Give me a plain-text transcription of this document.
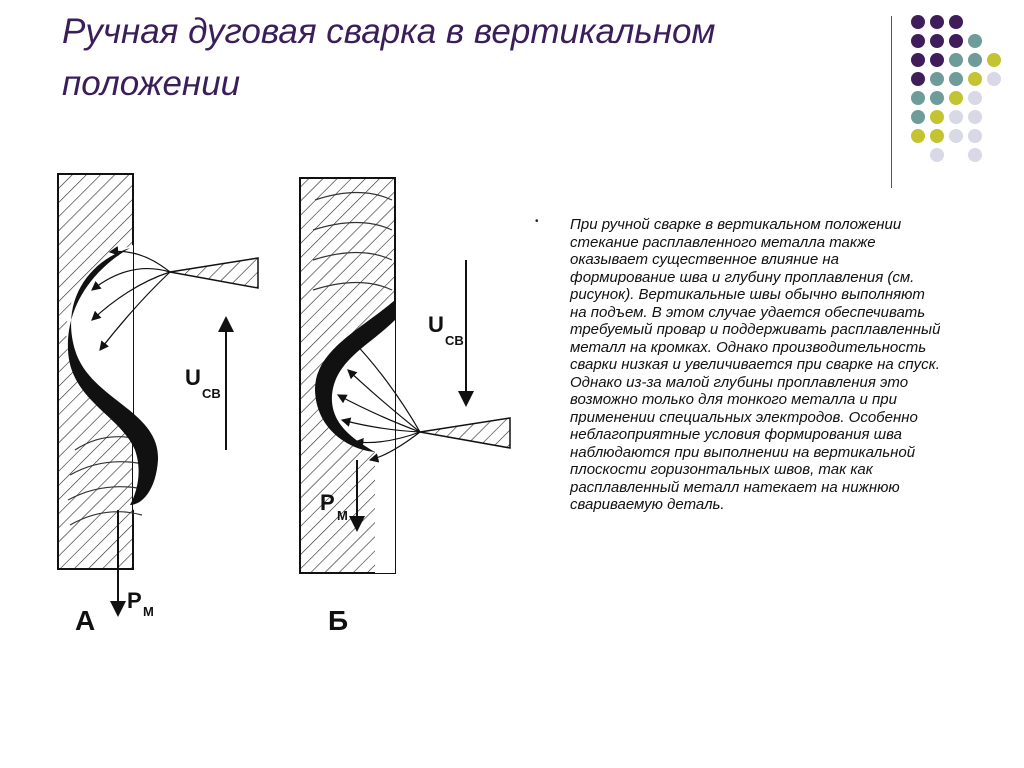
Ручная дуговая сварка в вертикальном положении
U
СВ
P М
А
U
СВ
P
М
Б
• При ручной сварке в вертикальном положении стекание расплавленного металла также оказывает существенное влияние на формирование шва и глубину проплавления (см. рисунок). Вертикальные швы обычно выполняют на подъем. В этом случае удается обеспечивать требуемый провар и поддерживать расплавленный металл на кромках. Однако производительность сварки низкая и увеличивается при сварке на спуск. Однако из-за малой глубины проплавления это возможно только для тонкого металла и при применении специальных электродов. Особенно неблагоприятные условия формирования шва наблюдаются при выполнении на вертикальной плоскости горизонтальных швов, так как расплавленный металл натекает на нижнюю свариваемую деталь.
